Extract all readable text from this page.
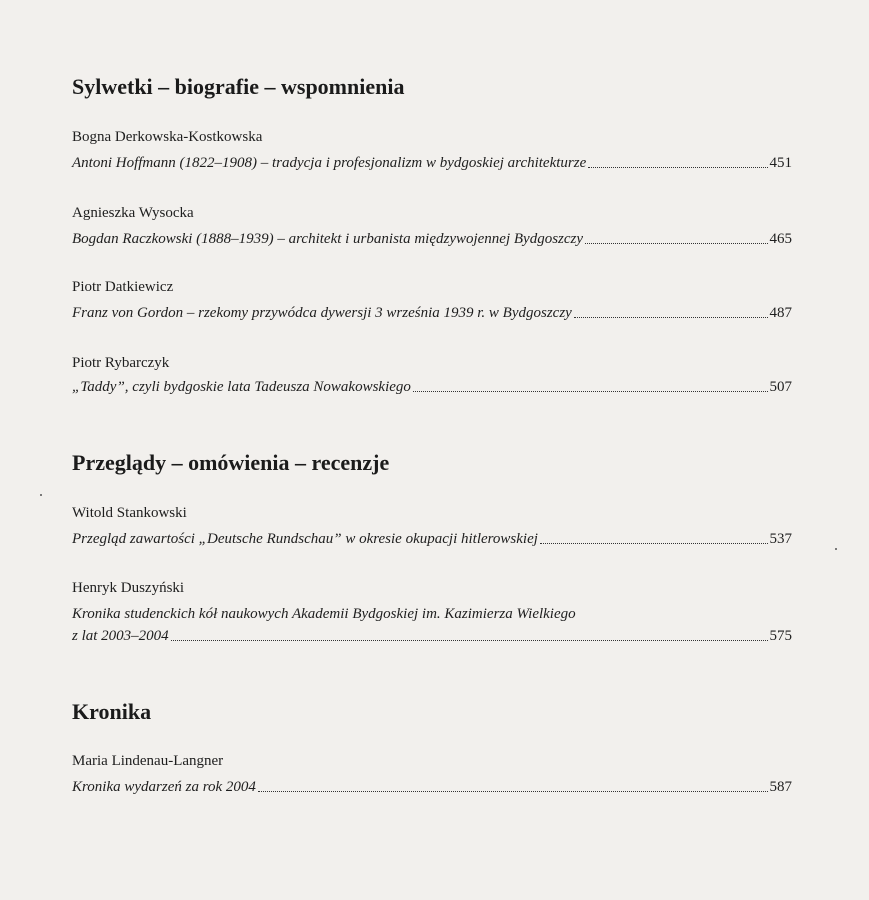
Sylwetki – biografie – wspomnienia
Bogna Derkowska-Kostkowska
Antoni Hoffmann (1822–1908) – tradycja i profesjonalizm w bydgoskiej architekturze	451
Agnieszka Wysocka
Bogdan Raczkowski (1888–1939) – architekt i urbanista międzywojennej Bydgoszczy	465
Piotr Datkiewicz
Franz von Gordon – rzekomy przywódca dywersji 3 września 1939 r. w Bydgoszczy	487
Piotr Rybarczyk
„Taddy”, czyli bydgoskie lata Tadeusza Nowakowskiego	507
Przeglądy – omówienia – recenzje
Witold Stankowski
Przegląd zawartości „Deutsche Rundschau” w okresie okupacji hitlerowskiej	537
Henryk Duszyński
Kronika studenckich kół naukowych Akademii Bydgoskiej im. Kazimierza Wielkiego
z lat 2003–2004	575
Kronika
Maria Lindenau-Langner
Kronika wydarzeń za rok 2004	587
